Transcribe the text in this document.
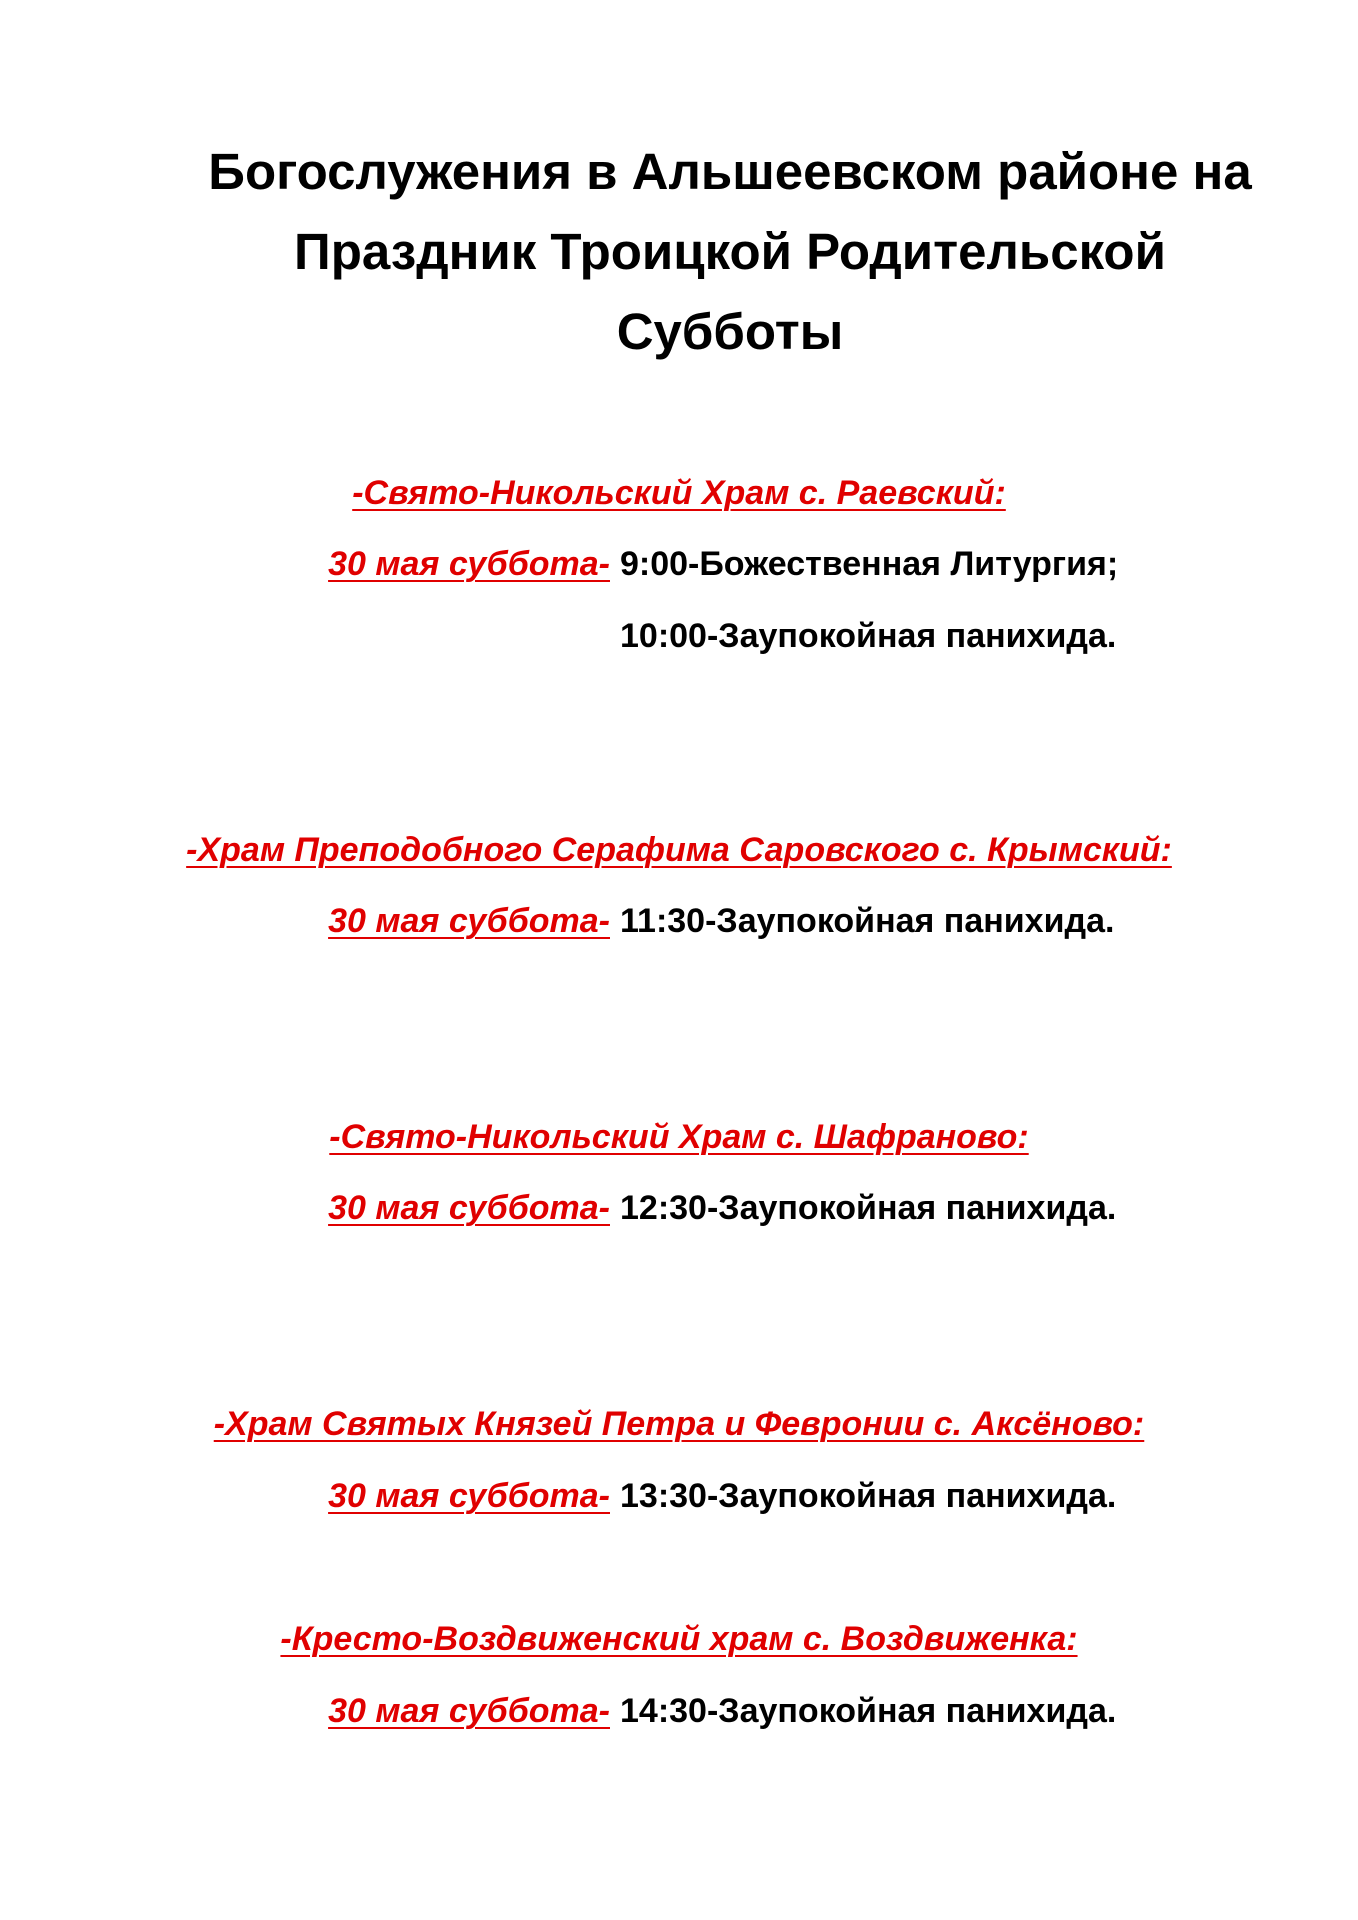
Богослужения в Альшеевском районе на
Праздник Троицкой Родительской
Субботы
-Свято-Никольский Храм с. Раевский:
30 мая суббота- 9:00-Божественная Литургия;
10:00-Заупокойная панихида.
-Храм Преподобного Серафима Саровского с. Крымский:
30 мая суббота- 11:30-Заупокойная панихида.
-Свято-Никольский Храм с. Шафраново:
30 мая суббота- 12:30-Заупокойная панихида.
-Храм Святых Князей Петра и Февронии с. Аксёново:
30 мая суббота- 13:30-Заупокойная панихида.
-Кресто-Воздвиженский храм с. Воздвиженка:
30 мая суббота- 14:30-Заупокойная панихида.
